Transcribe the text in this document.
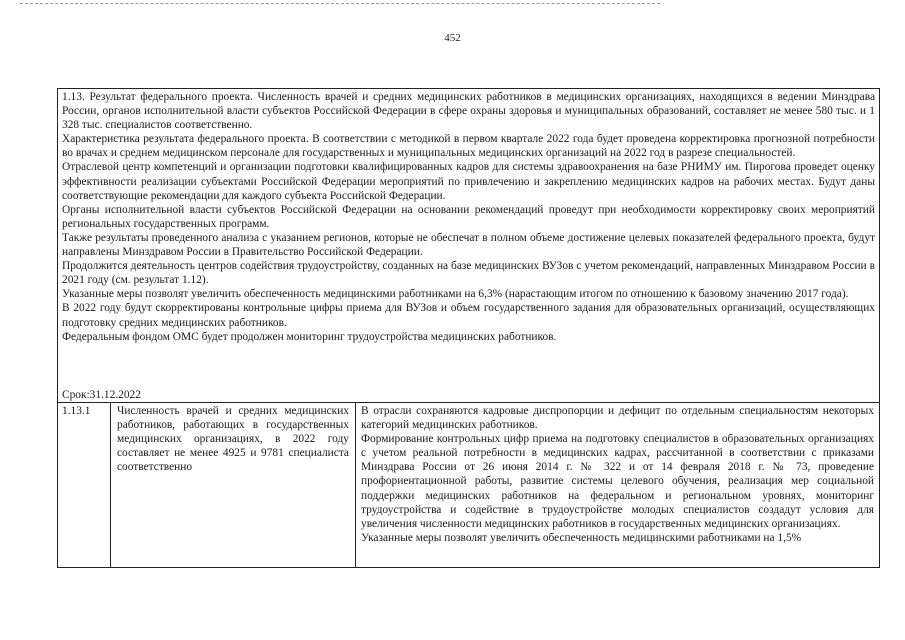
452

1.13. Результат федерального проекта. Численность врачей и средних медицинских работников в медицинских организациях, находящихся в ведении Минздрава России, органов исполнительной власти субъектов Российской Федерации в сфере охраны здоровья и муниципальных образований, составляет не менее 580 тыс. и 1 328 тыс. специалистов соответственно.

Характеристика результата федерального проекта. В соответствии с методикой в первом квартале 2022 года будет проведена корректировка прогнозной потребности во врачах и среднем медицинском персонале для государственных и муниципальных медицинских организаций на 2022 год в разрезе специальностей.

Отраслевой центр компетенций и организации подготовки квалифицированных кадров для системы здравоохранения на базе РНИМУ им. Пирогова проведет оценку эффективности реализации субъектами Российской Федерации мероприятий по привлечению и закреплению медицинских кадров на рабочих местах. Будут даны соответствующие рекомендации для каждого субъекта Российской Федерации.

Органы исполнительной власти субъектов Российской Федерации на основании рекомендаций проведут при необходимости корректировку своих мероприятий региональных государственных программ.

Также результаты проведенного анализа с указанием регионов, которые не обеспечат в полном объеме достижение целевых показателей федерального проекта, будут направлены Минздравом России в Правительство Российской Федерации.

Продолжится деятельность центров содействия трудоустройству, созданных на базе медицинских ВУЗов с учетом рекомендаций, направленных Минздравом России в 2021 году (см. результат 1.12).

Указанные меры позволят увеличить обеспеченность медицинскими работниками на 6,3% (нарастающим итогом по отношению к базовому значению 2017 года).

В 2022 году будут скорректированы контрольные цифры приема для ВУЗов и объем государственного задания для образовательных организаций, осуществляющих подготовку средних медицинских работников.

Федеральным фондом ОМС будет продолжен мониторинг трудоустройства медицинских работников.

Срок:31.12.2022
1.13.1	Численность врачей и средних медицинских работников, работающих в государственных медицинских организациях, в 2022 году составляет не менее 4925 и 9781 специалиста соответственно

В отрасли сохраняются кадровые диспропорции и дефицит по отдельным специальностям некоторых категорий медицинских работников.

Формирование контрольных цифр приема на подготовку специалистов в образовательных организациях с учетом реальной потребности в медицинских кадрах, рассчитанной в соответствии с приказами Минздрава России от 26 июня 2014 г. № 322 и от 14 февраля 2018 г. № 73, проведение профориентационной работы, развитие системы целевого обучения, реализация мер социальной поддержки медицинских работников на федеральном и региональном уровнях, мониторинг трудоустройства и содействие в трудоустройстве молодых специалистов создадут условия для увеличения численности медицинских работников в государственных медицинских организациях.

Указанные меры позволят увеличить обеспеченность медицинскими работниками на 1,5%
